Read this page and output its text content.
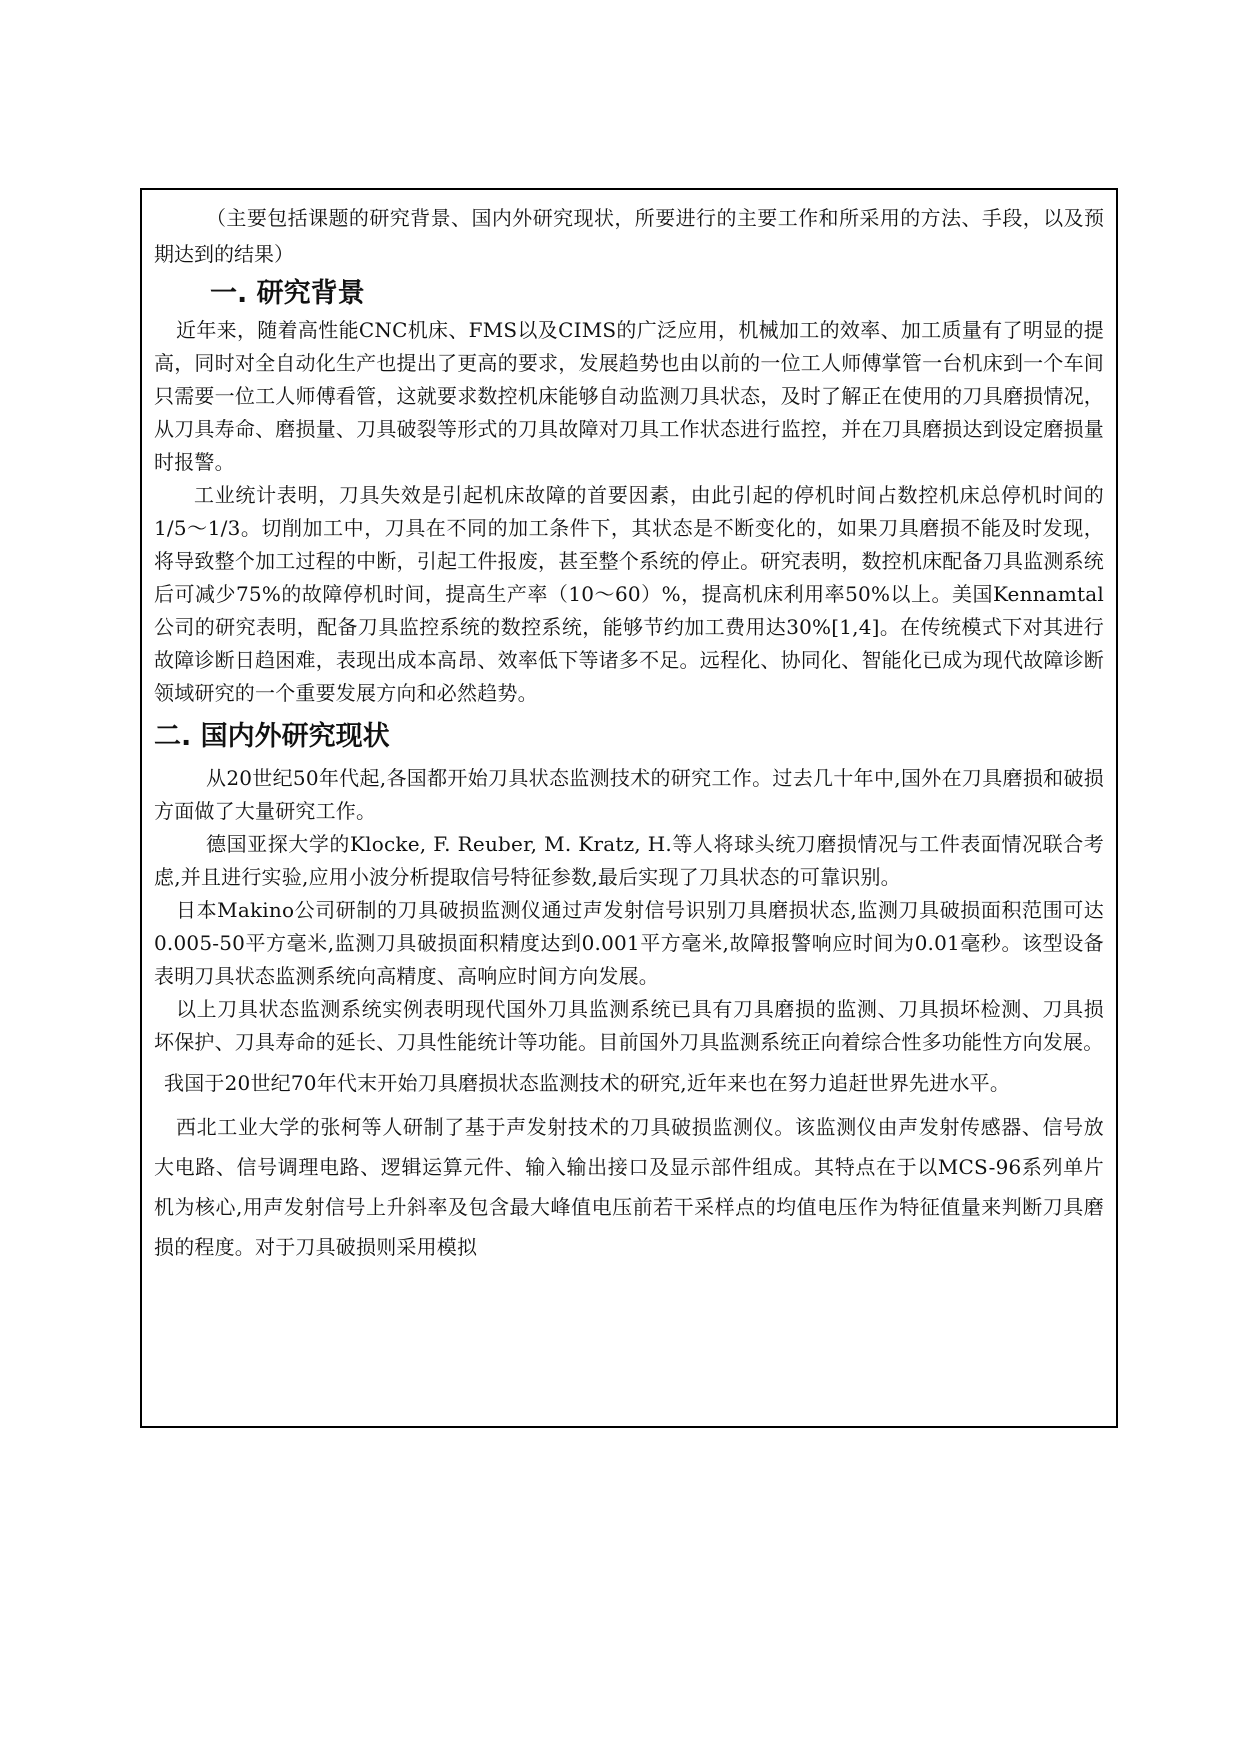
（主要包括课题的研究背景、国内外研究现状，所要进行的主要工作和所采用的方法、手段，以及预期达到的结果）

一. 研究背景

近年来，随着高性能CNC机床、FMS以及CIMS的广泛应用，机械加工的效率、加工质量有了明显的提高，同时对全自动化生产也提出了更高的要求，发展趋势也由以前的一位工人师傅掌管一台机床到一个车间只需要一位工人师傅看管，这就要求数控机床能够自动监测刀具状态，及时了解正在使用的刀具磨损情况，从刀具寿命、磨损量、刀具破裂等形式的刀具故障对刀具工作状态进行监控，并在刀具磨损达到设定磨损量时报警。

工业统计表明，刀具失效是引起机床故障的首要因素，由此引起的停机时间占数控机床总停机时间的1/5～1/3。切削加工中，刀具在不同的加工条件下，其状态是不断变化的，如果刀具磨损不能及时发现，将导致整个加工过程的中断，引起工件报废，甚至整个系统的停止。研究表明，数控机床配备刀具监测系统后可减少75%的故障停机时间，提高生产率（10～60）%，提高机床利用率50%以上。美国Kennamtal公司的研究表明，配备刀具监控系统的数控系统，能够节约加工费用达30%[1,4]。在传统模式下对其进行故障诊断日趋困难，表现出成本高昂、效率低下等诸多不足。远程化、协同化、智能化已成为现代故障诊断领域研究的一个重要发展方向和必然趋势。

二. 国内外研究现状

从20世纪50年代起,各国都开始刀具状态监测技术的研究工作。过去几十年中,国外在刀具磨损和破损方面做了大量研究工作。

德国亚探大学的Klocke, F. Reuber, M. Kratz, H.等人将球头统刀磨损情况与工件表面情况联合考虑,并且进行实验,应用小波分析提取信号特征参数,最后实现了刀具状态的可靠识别。

日本Makino公司研制的刀具破损监测仪通过声发射信号识别刀具磨损状态,监测刀具破损面积范围可达0.005-50平方毫米,监测刀具破损面积精度达到0.001平方毫米,故障报警响应时间为0.01毫秒。该型设备表明刀具状态监测系统向高精度、高响应时间方向发展。

以上刀具状态监测系统实例表明现代国外刀具监测系统已具有刀具磨损的监测、刀具损坏检测、刀具损坏保护、刀具寿命的延长、刀具性能统计等功能。目前国外刀具监测系统正向着综合性多功能性方向发展。

我国于20世纪70年代末开始刀具磨损状态监测技术的研究,近年来也在努力追赶世界先进水平。

西北工业大学的张柯等人研制了基于声发射技术的刀具破损监测仪。该监测仪由声发射传感器、信号放大电路、信号调理电路、逻辑运算元件、输入输出接口及显示部件组成。其特点在于以MCS-96系列单片机为核心,用声发射信号上升斜率及包含最大峰值电压前若干采样点的均值电压作为特征值量来判断刀具磨损的程度。对于刀具破损则采用模拟
